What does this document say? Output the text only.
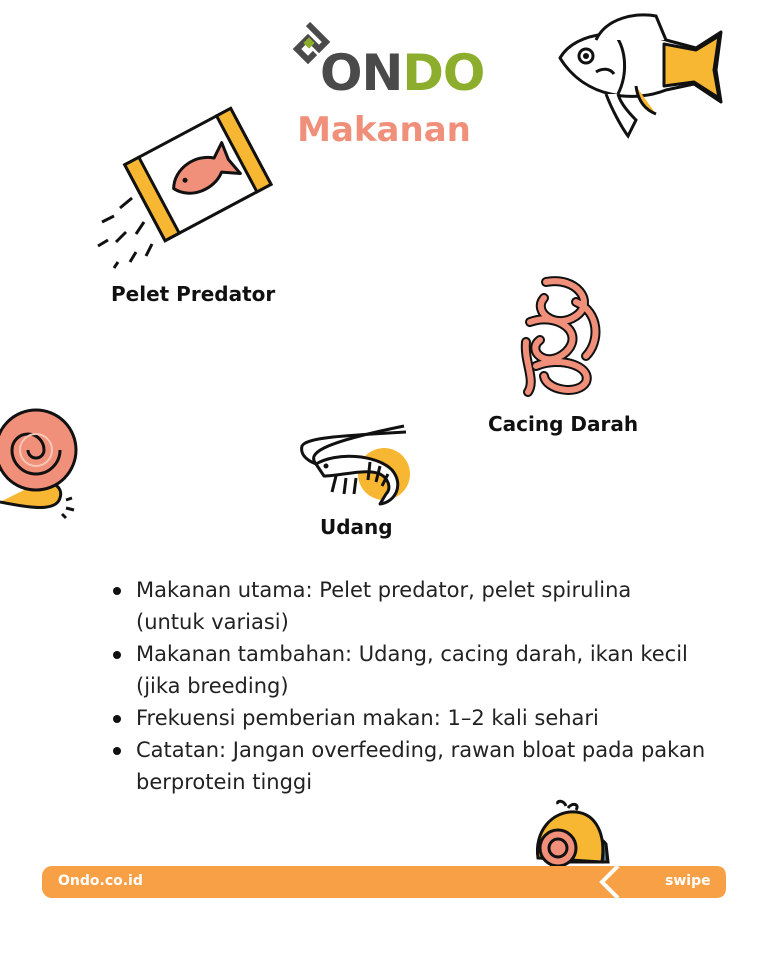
ONDO
Makanan
Pelet Predator
Cacing Darah
Udang
Makanan utama: Pelet predator, pelet spirulina (untuk variasi)
Makanan tambahan: Udang, cacing darah, ikan kecil (jika breeding)
Frekuensi pemberian makan: 1–2 kali sehari
Catatan: Jangan overfeeding, rawan bloat pada pakan berprotein tinggi
Ondo.co.id	swipe
